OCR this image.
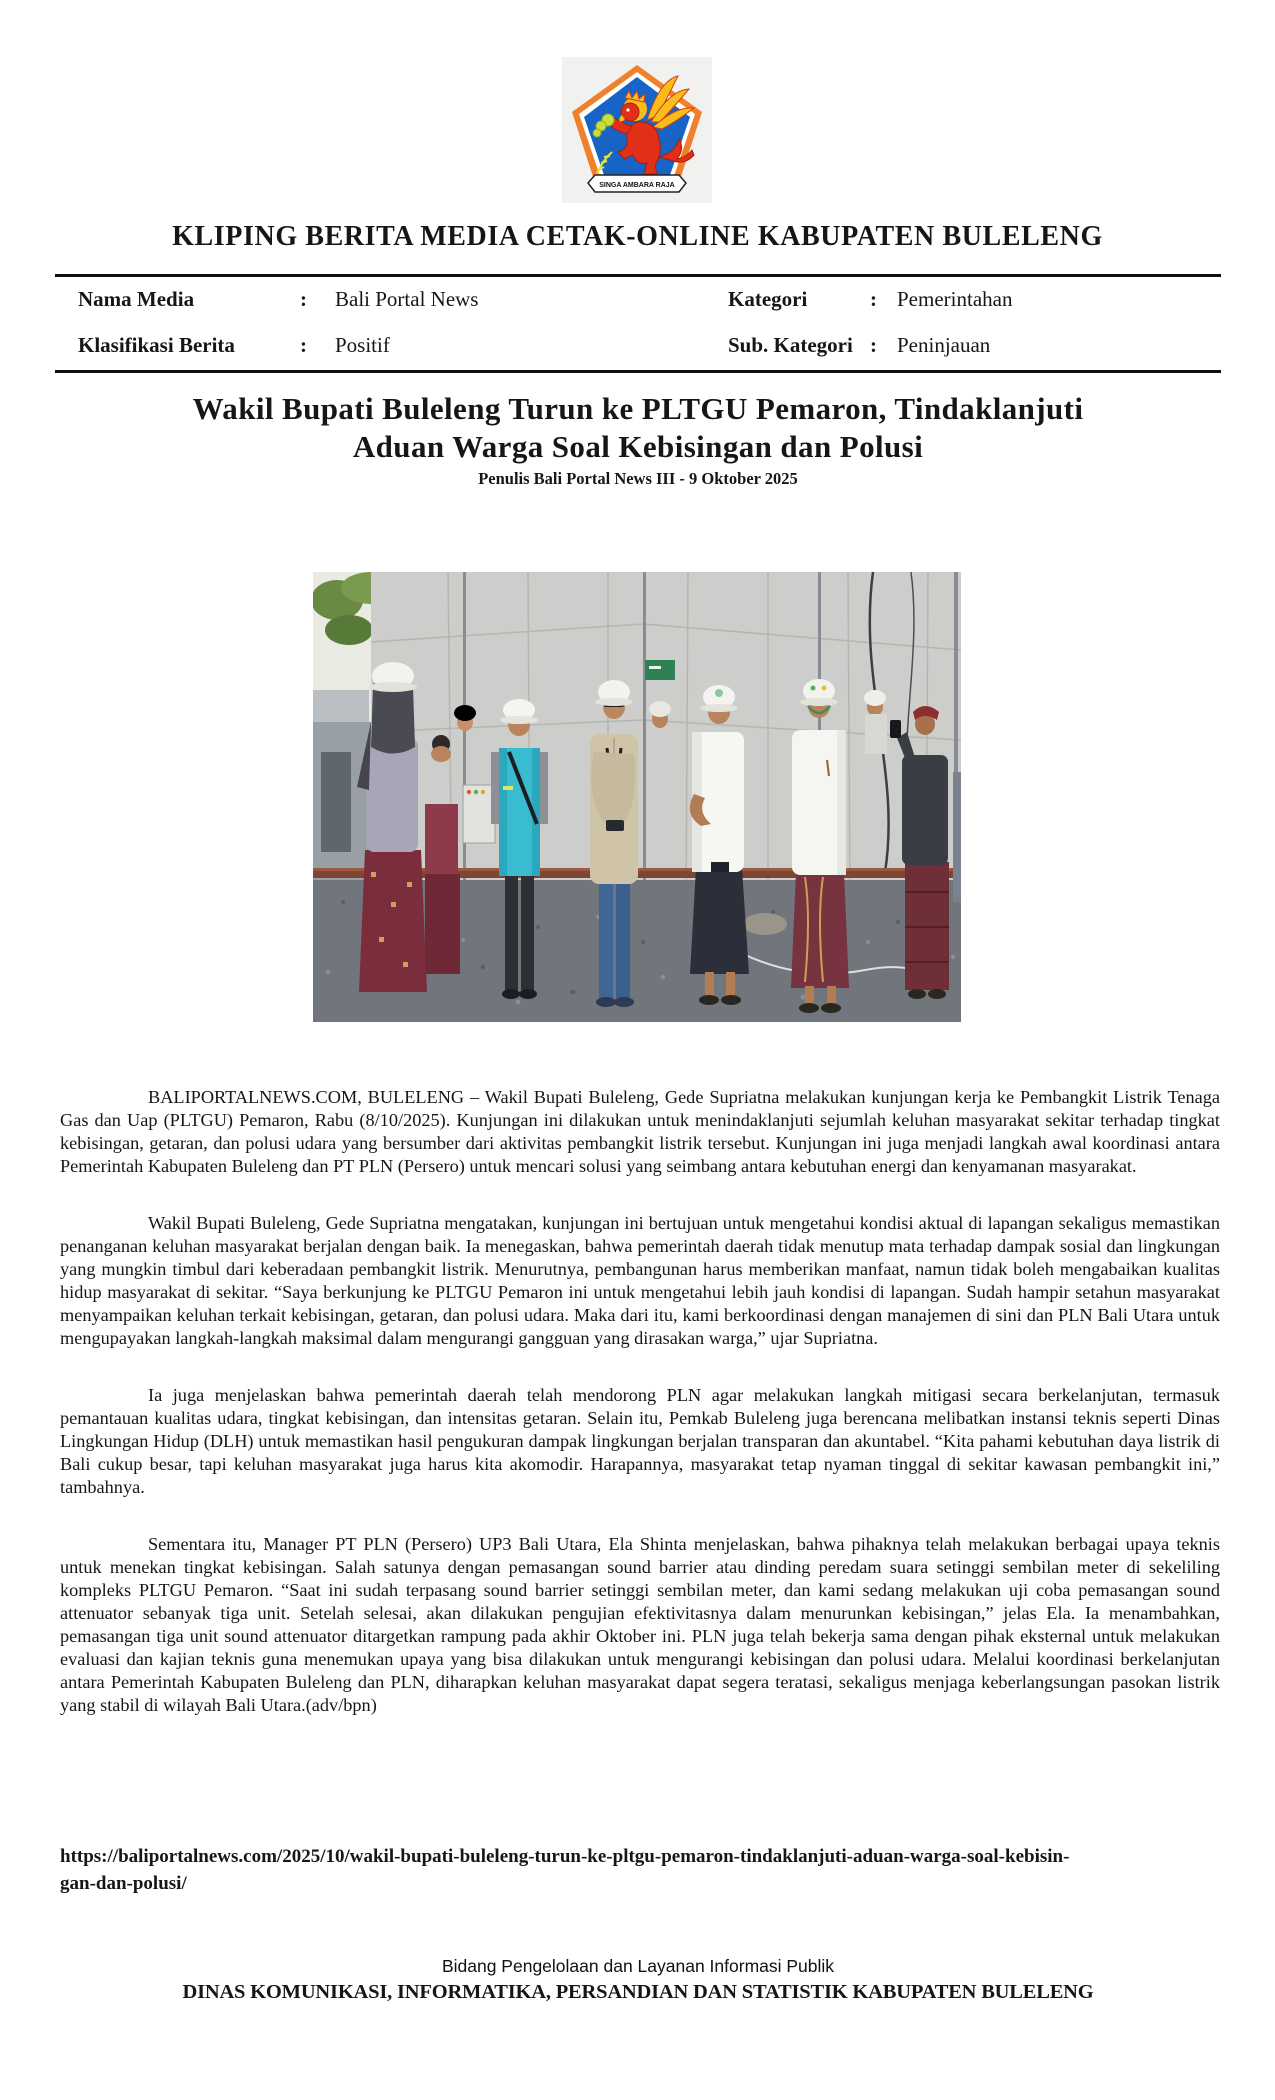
SINGA AMBARA RAJA
KLIPING BERITA MEDIA CETAK-ONLINE KABUPATEN BULELENG
Nama Media	: Bali Portal News
Klasifikasi Berita	: Positif
Kategori	: Pemerintahan
Sub. Kategori : Peninjauan
Wakil Bupati Buleleng Turun ke PLTGU Pemaron, Tindaklanjuti
Aduan Warga Soal Kebisingan dan Polusi
Penulis Bali Portal News III - 9 Oktober 2025

BALIPORTALNEWS.COM, BULELENG – Wakil Bupati Buleleng, Gede Supriatna melakukan kunjungan kerja ke Pembangkit Listrik Tenaga Gas dan Uap (PLTGU) Pemaron, Rabu (8/10/2025). Kunjungan ini dilakukan untuk menindaklanjuti sejumlah keluhan masyarakat sekitar terhadap tingkat kebisingan, getaran, dan polusi udara yang bersumber dari aktivitas pembangkit listrik tersebut. Kunjungan ini juga menjadi langkah awal koordinasi antara Pemerintah Kabupaten Buleleng dan PT PLN (Persero) untuk mencari solusi yang seimbang antara kebutuhan energi dan kenyamanan masyarakat.

Wakil Bupati Buleleng, Gede Supriatna mengatakan, kunjungan ini bertujuan untuk mengetahui kondisi aktual di lapangan sekaligus memastikan penanganan keluhan masyarakat berjalan dengan baik. Ia menegaskan, bahwa pemerintah daerah tidak menutup mata terhadap dampak sosial dan lingkungan yang mungkin timbul dari keberadaan pembangkit listrik. Menurutnya, pembangunan harus memberikan manfaat, namun tidak boleh mengabaikan kualitas hidup masyarakat di sekitar. “Saya berkunjung ke PLTGU Pemaron ini untuk mengetahui lebih jauh kondisi di lapangan. Sudah hampir setahun masyarakat menyampaikan keluhan terkait kebisingan, getaran, dan polusi udara. Maka dari itu, kami berkoordinasi dengan manajemen di sini dan PLN Bali Utara untuk mengupayakan langkah-langkah maksimal dalam mengurangi gangguan yang dirasakan warga,” ujar Supriatna.

Ia juga menjelaskan bahwa pemerintah daerah telah mendorong PLN agar melakukan langkah mitigasi secara berkelanjutan, termasuk pemantauan kualitas udara, tingkat kebisingan, dan intensitas getaran. Selain itu, Pemkab Buleleng juga berencana melibatkan instansi teknis seperti Dinas Lingkungan Hidup (DLH) untuk memastikan hasil pengukuran dampak lingkungan berjalan transparan dan akuntabel. “Kita pahami kebutuhan daya listrik di Bali cukup besar, tapi keluhan masyarakat juga harus kita akomodir. Harapannya, masyarakat tetap nyaman tinggal di sekitar kawasan pembangkit ini,” tambahnya.

Sementara itu, Manager PT PLN (Persero) UP3 Bali Utara, Ela Shinta menjelaskan, bahwa pihaknya telah melakukan berbagai upaya teknis untuk menekan tingkat kebisingan. Salah satunya dengan pemasangan sound barrier atau dinding peredam suara setinggi sembilan meter di sekeliling kompleks PLTGU Pemaron. “Saat ini sudah terpasang sound barrier setinggi sembilan meter, dan kami sedang melakukan uji coba pemasangan sound attenuator sebanyak tiga unit. Setelah selesai, akan dilakukan pengujian efektivitasnya dalam menurunkan kebisingan,” jelas Ela. Ia menambahkan, pemasangan tiga unit sound attenuator ditargetkan rampung pada akhir Oktober ini. PLN juga telah bekerja sama dengan pihak eksternal untuk melakukan evaluasi dan kajian teknis guna menemukan upaya yang bisa dilakukan untuk mengurangi kebisingan dan polusi udara. Melalui koordinasi berkelanjutan antara Pemerintah Kabupaten Buleleng dan PLN, diharapkan keluhan masyarakat dapat segera teratasi, sekaligus menjaga keberlangsungan pasokan listrik yang stabil di wilayah Bali Utara.(adv/bpn)

https://baliportalnews.com/2025/10/wakil-bupati-buleleng-turun-ke-pltgu-pemaron-tindaklanjuti-aduan-warga-soal-kebisin-
gan-dan-polusi/
Bidang Pengelolaan dan Layanan Informasi Publik
DINAS KOMUNIKASI, INFORMATIKA, PERSANDIAN DAN STATISTIK KABUPATEN BULELENG
